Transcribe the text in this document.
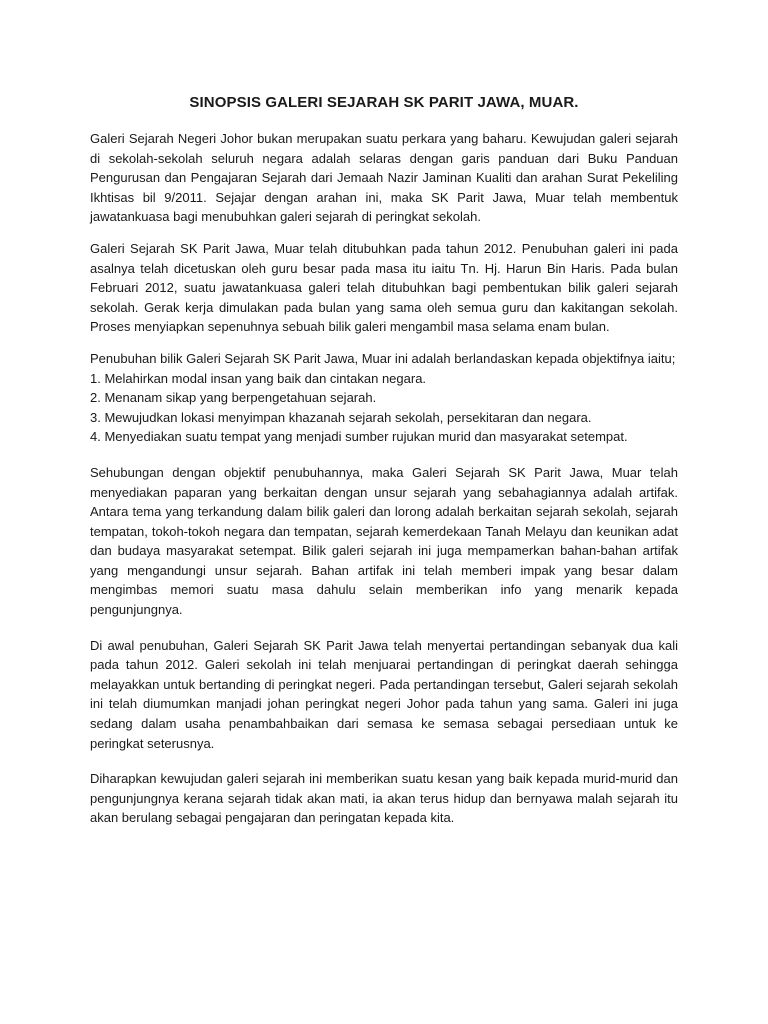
SINOPSIS GALERI SEJARAH SK PARIT JAWA, MUAR.

Galeri Sejarah Negeri Johor bukan merupakan suatu perkara yang baharu. Kewujudan galeri sejarah di sekolah-sekolah seluruh negara adalah selaras dengan garis panduan dari Buku Panduan Pengurusan dan Pengajaran Sejarah dari Jemaah Nazir Jaminan Kualiti dan arahan Surat Pekeliling Ikhtisas bil 9/2011. Sejajar dengan arahan ini, maka SK Parit Jawa, Muar telah membentuk jawatankuasa bagi menubuhkan galeri sejarah di peringkat sekolah.

Galeri Sejarah SK Parit Jawa, Muar telah ditubuhkan pada tahun 2012. Penubuhan galeri ini pada asalnya telah dicetuskan oleh guru besar pada masa itu iaitu Tn. Hj. Harun Bin Haris. Pada bulan Februari 2012, suatu jawatankuasa galeri telah ditubuhkan bagi pembentukan bilik galeri sejarah sekolah. Gerak kerja dimulakan pada bulan yang sama oleh semua guru dan kakitangan sekolah. Proses menyiapkan sepenuhnya sebuah bilik galeri mengambil masa selama enam bulan.

Penubuhan bilik Galeri Sejarah SK Parit Jawa, Muar ini adalah berlandaskan kepada objektifnya iaitu;

1. Melahirkan modal insan yang baik dan cintakan negara.
2. Menanam sikap yang berpengetahuan sejarah.
3. Mewujudkan lokasi menyimpan khazanah sejarah sekolah, persekitaran dan negara.
4. Menyediakan suatu tempat yang menjadi sumber rujukan murid dan masyarakat setempat.

Sehubungan dengan objektif penubuhannya, maka Galeri Sejarah SK Parit Jawa, Muar telah menyediakan paparan yang berkaitan dengan unsur sejarah yang sebahagiannya adalah artifak. Antara tema yang terkandung dalam bilik galeri dan lorong adalah berkaitan sejarah sekolah, sejarah tempatan, tokoh-tokoh negara dan tempatan, sejarah kemerdekaan Tanah Melayu dan keunikan adat dan budaya masyarakat setempat. Bilik galeri sejarah ini juga mempamerkan bahan-bahan artifak yang mengandungi unsur sejarah. Bahan artifak ini telah memberi impak yang besar dalam mengimbas memori suatu masa dahulu selain memberikan info yang menarik kepada pengunjungnya.

Di awal penubuhan, Galeri Sejarah SK Parit Jawa telah menyertai pertandingan sebanyak dua kali pada tahun 2012. Galeri sekolah ini telah menjuarai pertandingan di peringkat daerah sehingga melayakkan untuk bertanding di peringkat negeri. Pada pertandingan tersebut, Galeri sejarah sekolah ini telah diumumkan manjadi johan peringkat negeri Johor pada tahun yang sama. Galeri ini juga sedang dalam usaha penambahbaikan dari semasa ke semasa sebagai persediaan untuk ke peringkat seterusnya.

Diharapkan kewujudan galeri sejarah ini memberikan suatu kesan yang baik kepada murid-murid dan pengunjungnya kerana sejarah tidak akan mati, ia akan terus hidup dan bernyawa malah sejarah itu akan berulang sebagai pengajaran dan peringatan kepada kita.
